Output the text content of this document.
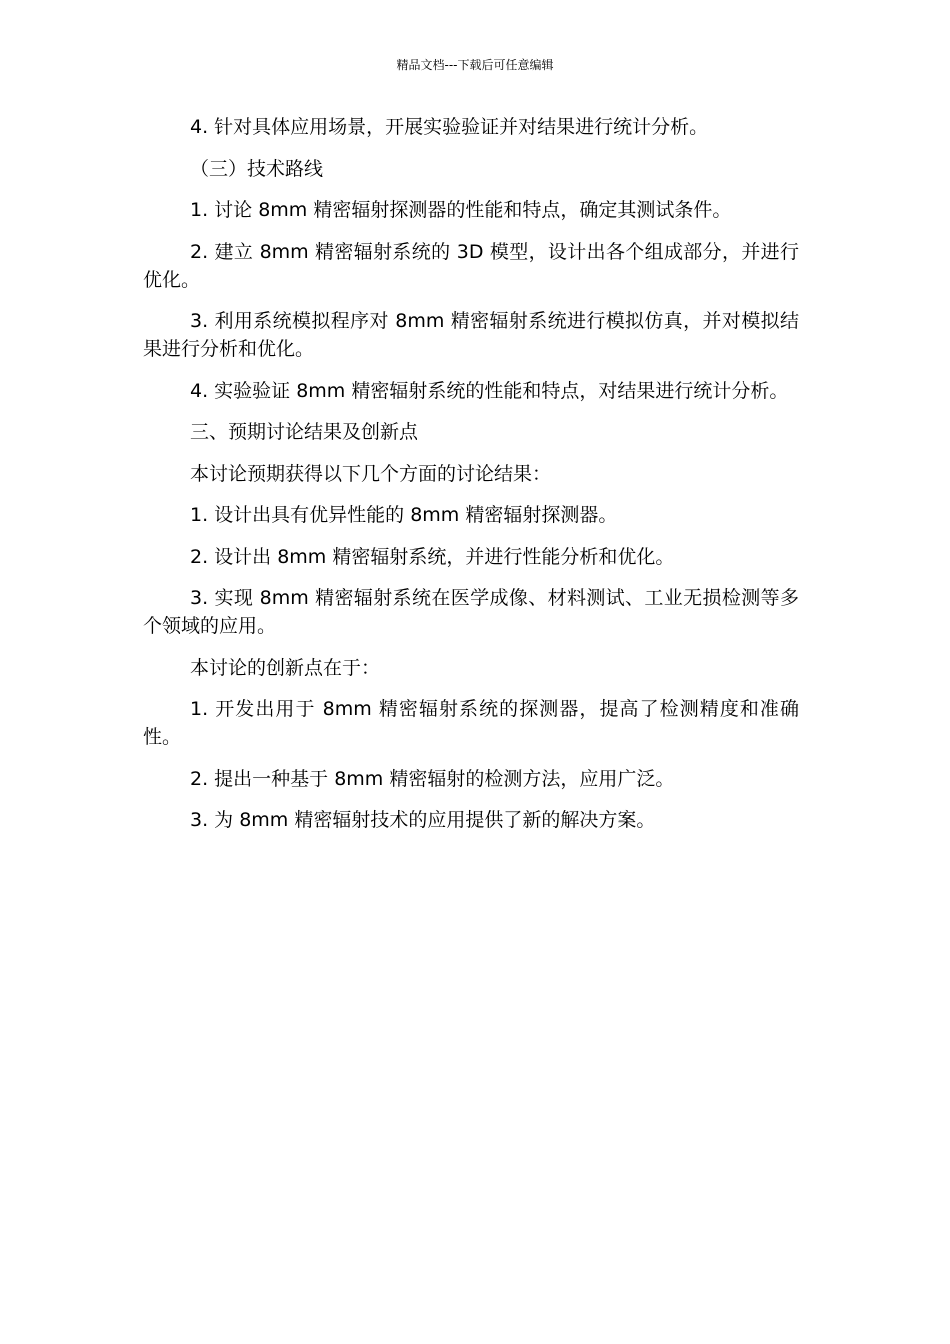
精品文档---下载后可任意编辑

4. 针对具体应用场景，开展实验验证并对结果进行统计分析。

（三）技术路线

1. 讨论 8mm 精密辐射探测器的性能和特点，确定其测试条件。

2. 建立 8mm 精密辐射系统的 3D 模型，设计出各个组成部分，并进行优化。

3. 利用系统模拟程序对 8mm 精密辐射系统进行模拟仿真，并对模拟结果进行分析和优化。

4. 实验验证 8mm 精密辐射系统的性能和特点，对结果进行统计分析。

三、预期讨论结果及创新点

本讨论预期获得以下几个方面的讨论结果：

1. 设计出具有优异性能的 8mm 精密辐射探测器。

2. 设计出 8mm 精密辐射系统，并进行性能分析和优化。

3. 实现 8mm 精密辐射系统在医学成像、材料测试、工业无损检测等多个领域的应用。

本讨论的创新点在于：

1. 开发出用于 8mm 精密辐射系统的探测器，提高了检测精度和准确性。

2. 提出一种基于 8mm 精密辐射的检测方法，应用广泛。

3. 为 8mm 精密辐射技术的应用提供了新的解决方案。
